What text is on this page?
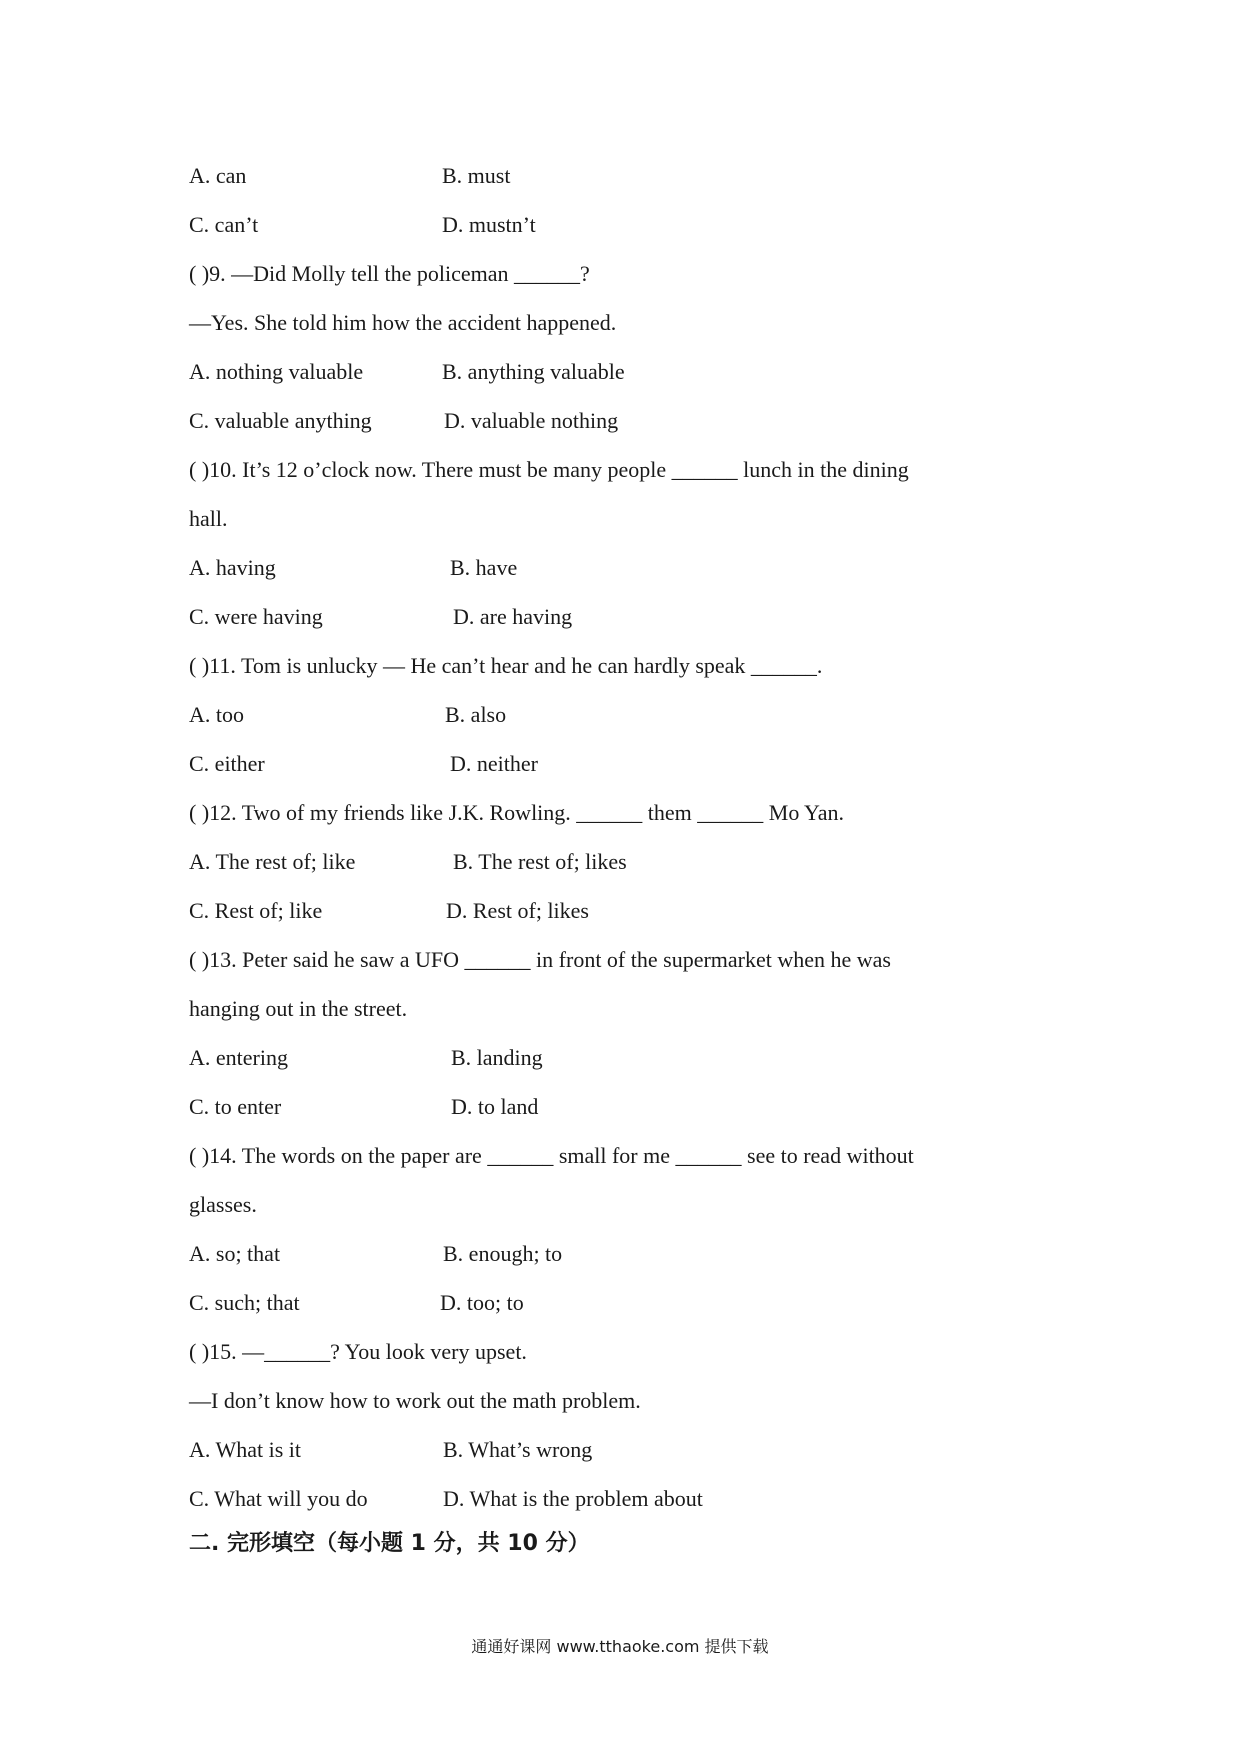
A. can	B. must
C. can’t	D. mustn’t
( )9. —Did Molly tell the policeman ______?
—Yes. She told him how the accident happened.
A. nothing valuable	B. anything valuable
C. valuable anything	D. valuable nothing
( )10. It’s 12 o’clock now. There must be many people ______ lunch in the dining
hall.
A. having	B. have
C. were having	D. are having
( )11. Tom is unlucky — He can’t hear and he can hardly speak ______.
A. too	B. also
C. either	D. neither
( )12. Two of my friends like J.K. Rowling. ______ them ______ Mo Yan.
A. The rest of; like	B. The rest of; likes
C. Rest of; like	D. Rest of; likes
( )13. Peter said he saw a UFO ______ in front of the supermarket when he was
hanging out in the street.
A. entering	B. landing
C. to enter	D. to land
( )14. The words on the paper are ______ small for me ______ see to read without
glasses.
A. so; that	B. enough; to
C. such; that	D. too; to
( )15. —______? You look very upset.
—I don’t know how to work out the math problem.
A. What is it	B. What’s wrong
C. What will you do	D. What is the problem about
二. 完形填空（每小题 1 分，共 10 分）
通通好课网 www.tthaoke.com 提供下载
